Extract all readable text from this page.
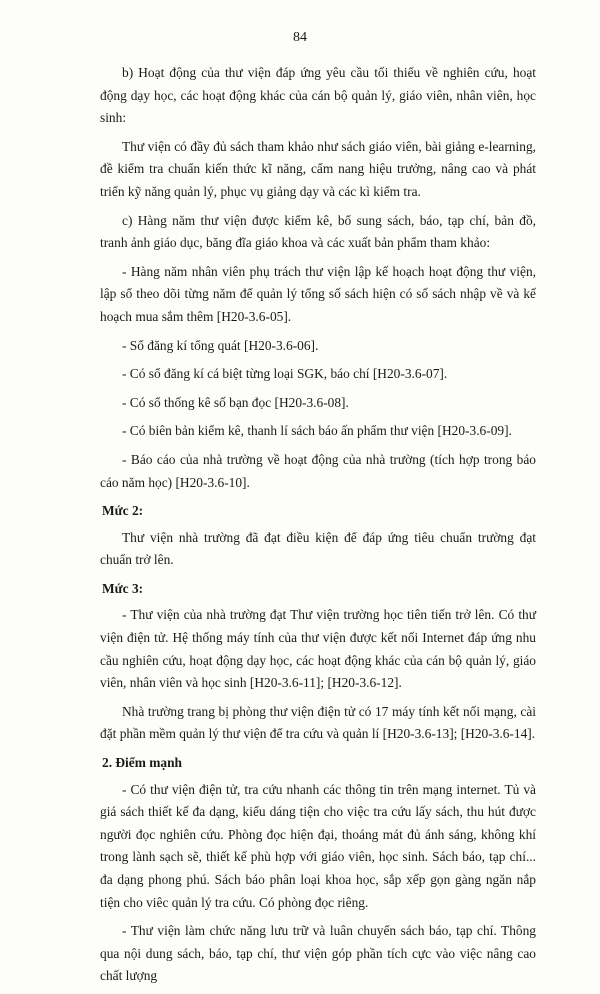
84

b) Hoạt động của thư viện đáp ứng yêu cầu tối thiểu về nghiên cứu, hoạt động dạy học, các hoạt động khác của cán bộ quản lý, giáo viên, nhân viên, học sinh:

Thư viện có đầy đủ sách tham khảo như sách giáo viên, bài giảng e-learning, đề kiểm tra chuẩn kiến thức kĩ năng, cẩm nang hiệu trưởng, nâng cao và phát triển kỹ năng quản lý, phục vụ giảng dạy và các kì kiểm tra.

c) Hàng năm thư viện được kiểm kê, bổ sung sách, báo, tạp chí, bản đồ, tranh ảnh giáo dục, băng đĩa giáo khoa và các xuất bản phẩm tham khảo:

- Hàng năm nhân viên phụ trách thư viện lập kế hoạch hoạt động thư viện, lập sổ theo dõi từng năm để quản lý tổng số sách hiện có số sách nhập về và kế hoạch mua sắm thêm [H20-3.6-05].

- Sổ đăng kí tổng quát [H20-3.6-06].

- Có sổ đăng kí cá biệt từng loại SGK, báo chí [H20-3.6-07].

- Có sổ thống kê số bạn đọc [H20-3.6-08].

- Có biên bản kiểm kê, thanh lí sách báo ấn phẩm thư viện [H20-3.6-09].

- Báo cáo của nhà trường về hoạt động của nhà trường (tích hợp trong báo cáo năm học) [H20-3.6-10].

Mức 2:

Thư viện nhà trường đã đạt điều kiện để đáp ứng tiêu chuẩn trường đạt chuẩn trở lên.

Mức 3:

- Thư viện của nhà trường đạt Thư viện trường học tiên tiến trở lên. Có thư viện điện tử. Hệ thống máy tính của thư viện được kết nối Internet đáp ứng nhu cầu nghiên cứu, hoạt động dạy học, các hoạt động khác của cán bộ quản lý, giáo viên, nhân viên và học sinh [H20-3.6-11]; [H20-3.6-12].

Nhà trường trang bị phòng thư viện điện tử có 17 máy tính kết nối mạng, cài đặt phần mềm quản lý thư viện để tra cứu và quản lí [H20-3.6-13]; [H20-3.6-14].

2. Điểm mạnh

- Có thư viện điện tử, tra cứu nhanh các thông tin trên mạng internet. Tủ và giá sách thiết kế đa dạng, kiểu dáng tiện cho việc tra cứu lấy sách, thu hút được người đọc nghiên cứu. Phòng đọc hiện đại, thoáng mát đủ ánh sáng, không khí trong lành sạch sẽ, thiết kế phù hợp với giáo viên, học sinh. Sách báo, tạp chí... đa dạng phong phú. Sách báo phân loại khoa học, sắp xếp gọn gàng ngăn nắp tiện cho viêc quản lý tra cứu. Có phòng đọc riêng.

- Thư viện làm chức năng lưu trữ và luân chuyển sách báo, tạp chí. Thông qua nội dung sách, báo, tạp chí, thư viện góp phần tích cực vào việc nâng cao chất lượng
